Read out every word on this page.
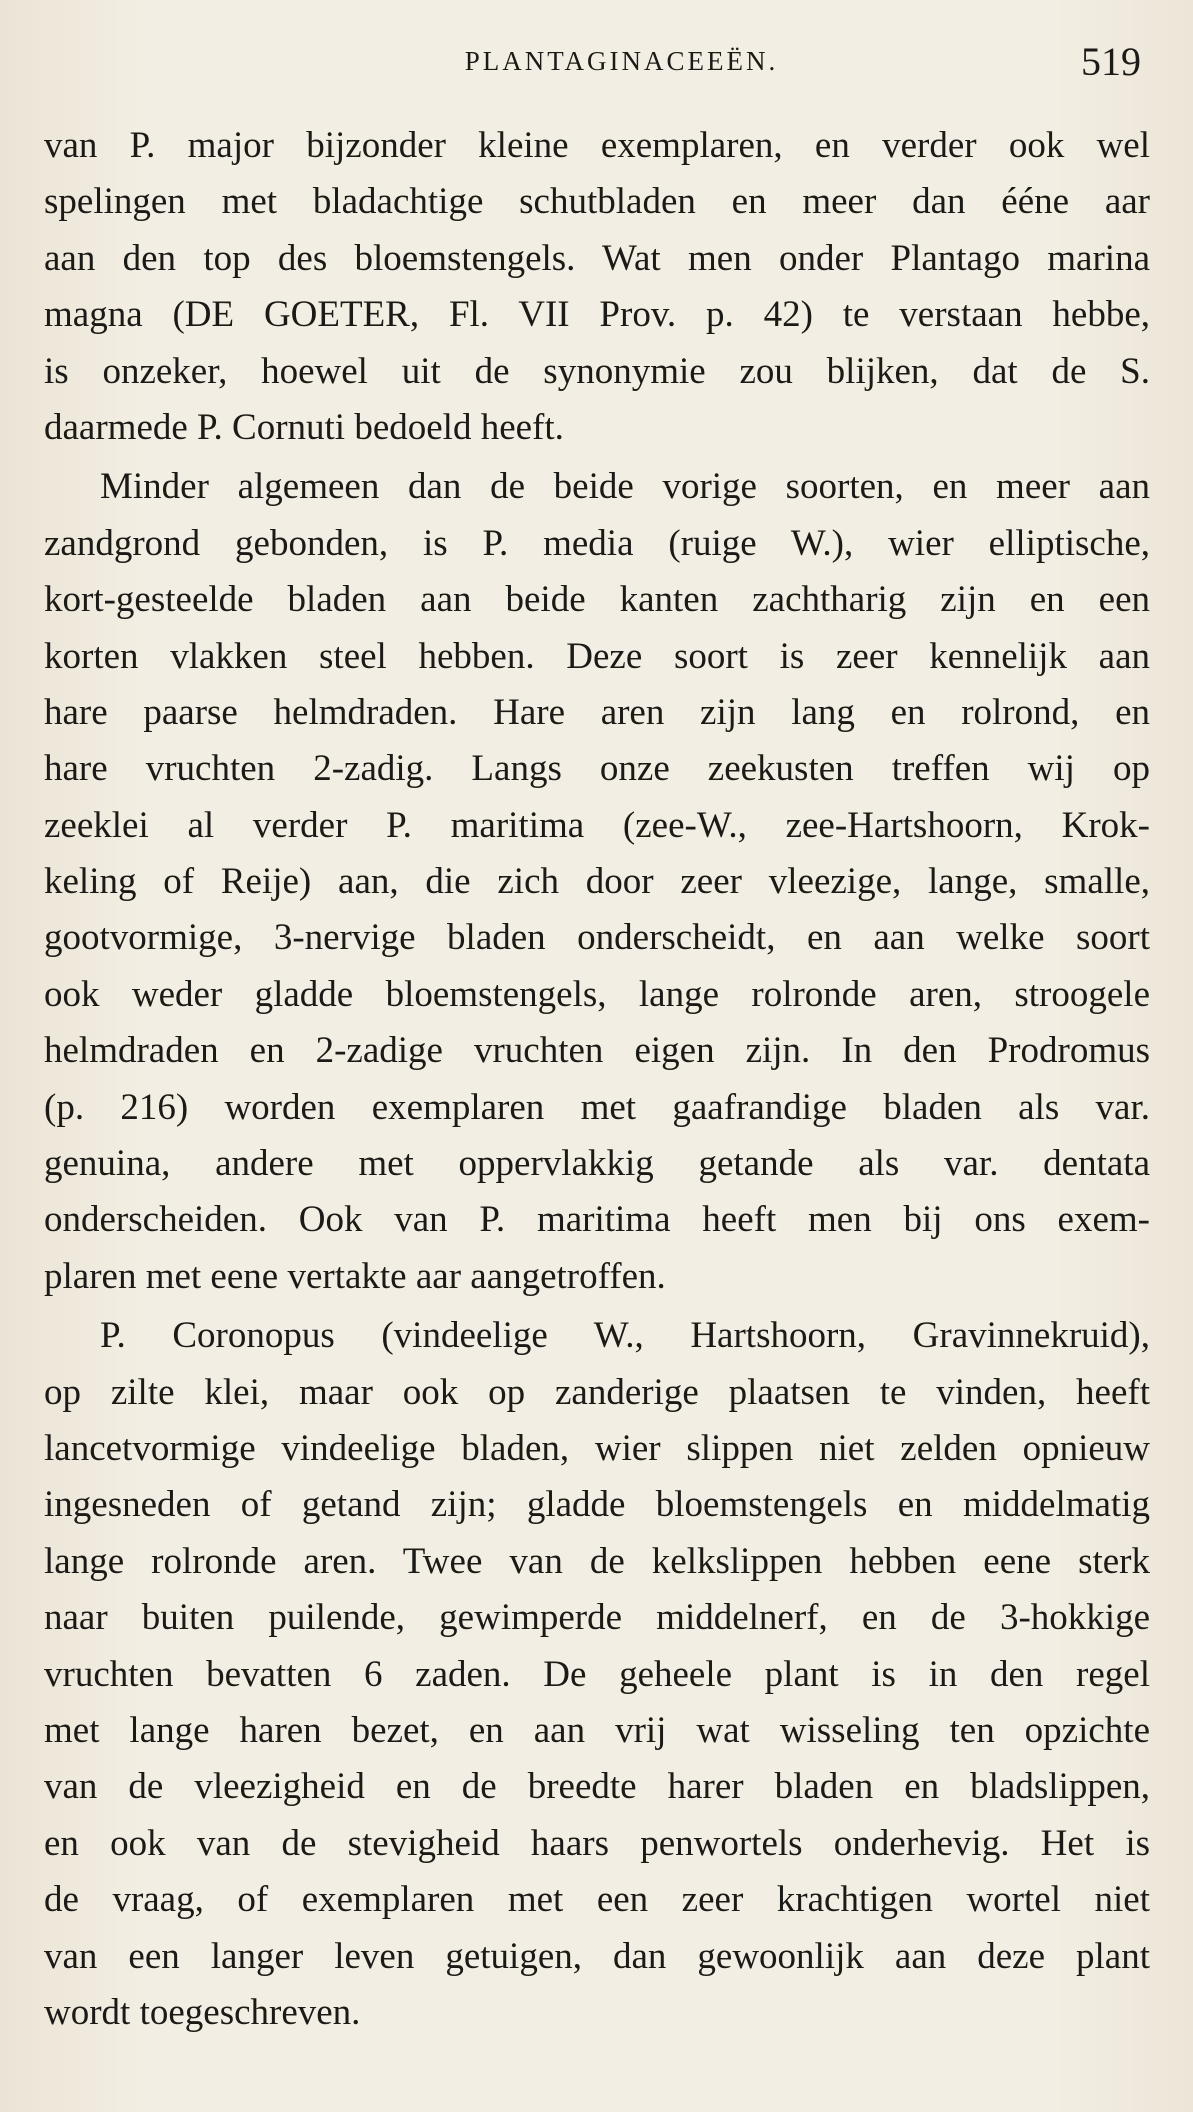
PLANTAGINACEEËN.	519
van P. major bijzonder kleine exemplaren, en verder ook wel
spelingen met bladachtige schutbladen en meer dan ééne aar
aan den top des bloemstengels. Wat men onder Plantago marina
magna (DE GOETER, Fl. VII Prov. p. 42) te verstaan hebbe,
is onzeker, hoewel uit de synonymie zou blijken, dat de S.
daarmede P. Cornuti bedoeld heeft.
Minder algemeen dan de beide vorige soorten, en meer aan
zandgrond gebonden, is P. media (ruige W.), wier elliptische,
kort-gesteelde bladen aan beide kanten zachtharig zijn en een
korten vlakken steel hebben. Deze soort is zeer kennelijk aan
hare paarse helmdraden. Hare aren zijn lang en rolrond, en
hare vruchten 2-zadig. Langs onze zeekusten treffen wij op
zeeklei al verder P. maritima (zee-W., zee-Hartshoorn, Krok-
keling of Reije) aan, die zich door zeer vleezige, lange, smalle,
gootvormige, 3-nervige bladen onderscheidt, en aan welke soort
ook weder gladde bloemstengels, lange rolronde aren, stroogele
helmdraden en 2-zadige vruchten eigen zijn. In den Prodromus
(p. 216) worden exemplaren met gaafrandige bladen als var.
genuina, andere met oppervlakkig getande als var. dentata
onderscheiden. Ook van P. maritima heeft men bij ons exem-
plaren met eene vertakte aar aangetroffen.
P. Coronopus (vindeelige W., Hartshoorn, Gravinnekruid),
op zilte klei, maar ook op zanderige plaatsen te vinden, heeft
lancetvormige vindeelige bladen, wier slippen niet zelden opnieuw
ingesneden of getand zijn; gladde bloemstengels en middelmatig
lange rolronde aren. Twee van de kelkslippen hebben eene sterk
naar buiten puilende, gewimperde middelnerf, en de 3-hokkige
vruchten bevatten 6 zaden. De geheele plant is in den regel
met lange haren bezet, en aan vrij wat wisseling ten opzichte
van de vleezigheid en de breedte harer bladen en bladslippen,
en ook van de stevigheid haars penwortels onderhevig. Het is
de vraag, of exemplaren met een zeer krachtigen wortel niet
van een langer leven getuigen, dan gewoonlijk aan deze plant
wordt toegeschreven.
